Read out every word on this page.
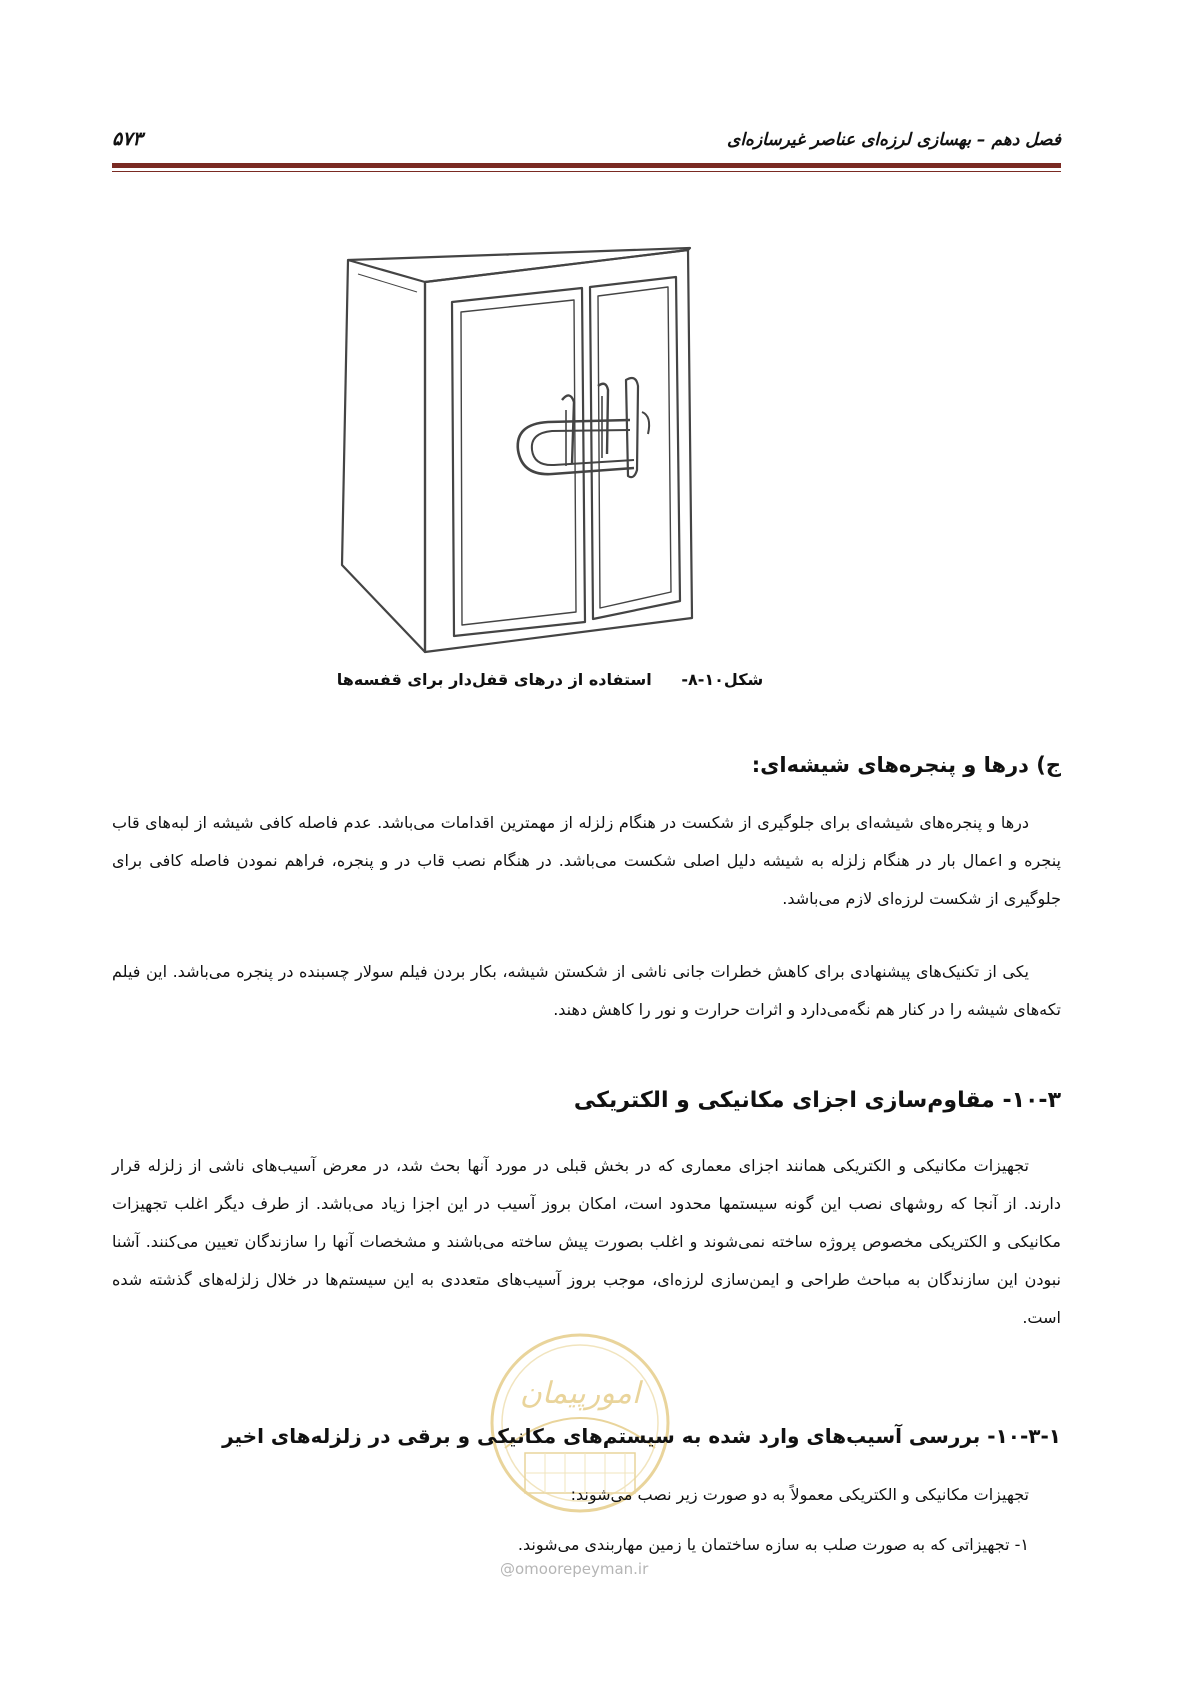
فصل دهم – بهسازی لرزه‌ای عناصر غیرسازه‌ای
۵۷۳
شکل۱۰-۸- استفاده از درهای قفل‌دار برای قفسه‌ها
ج) درها و پنجره‌های شیشه‌ای:

درها و پنجره‌های شیشه‌ای برای جلوگیری از شکست در هنگام زلزله از مهمترین اقدامات می‌باشد. عدم فاصله کافی شیشه از لبه‌های قاب پنجره و اعمال بار در هنگام زلزله به شیشه دلیل اصلی شکست می‌باشد. در هنگام نصب قاب در و پنجره، فراهم نمودن فاصله کافی برای جلوگیری از شکست لرزه‌ای لازم می‌باشد.

یکی از تکنیک‌های پیشنهادی برای کاهش خطرات جانی ناشی از شکستن شیشه، بکار بردن فیلم سولار چسبنده در پنجره می‌باشد. این فیلم تکه‌های شیشه را در کنار هم نگه‌می‌دارد و اثرات حرارت و نور را کاهش دهند.

۱۰-۳- مقاوم‌سازی اجزای مکانیکی و الکتریکی

تجهیزات مکانیکی و الکتریکی همانند اجزای معماری که در بخش قبلی در مورد آنها بحث شد، در معرض آسیب‌های ناشی از زلزله قرار دارند. از آنجا که روشهای نصب این گونه سیستمها محدود است، امکان بروز آسیب در این اجزا زیاد می‌باشد. از طرف دیگر اغلب تجهیزات مکانیکی و الکتریکی مخصوص پروژه ساخته نمی‌شوند و اغلب بصورت پیش ساخته می‌باشند و مشخصات آنها را سازندگان تعیین می‌کنند. آشنا نبودن این سازندگان به مباحث طراحی و ایمن‌سازی لرزه‌ای، موجب بروز آسیب‌های متعددی به این سیستم‌ها در خلال زلزله‌های گذشته شده است.

امورپیمان
۱۰-۳-۱- بررسی آسیب‌های وارد شده به سیستم‌های مکانیکی و برقی در زلزله‌های اخیر

تجهیزات مکانیکی و الکتریکی معمولاً به دو صورت زیر نصب می‌شوند:

۱- تجهیزاتی که به صورت صلب به سازه ساختمان یا زمین مهاربندی می‌شوند.

@omoorepeyman.ir
